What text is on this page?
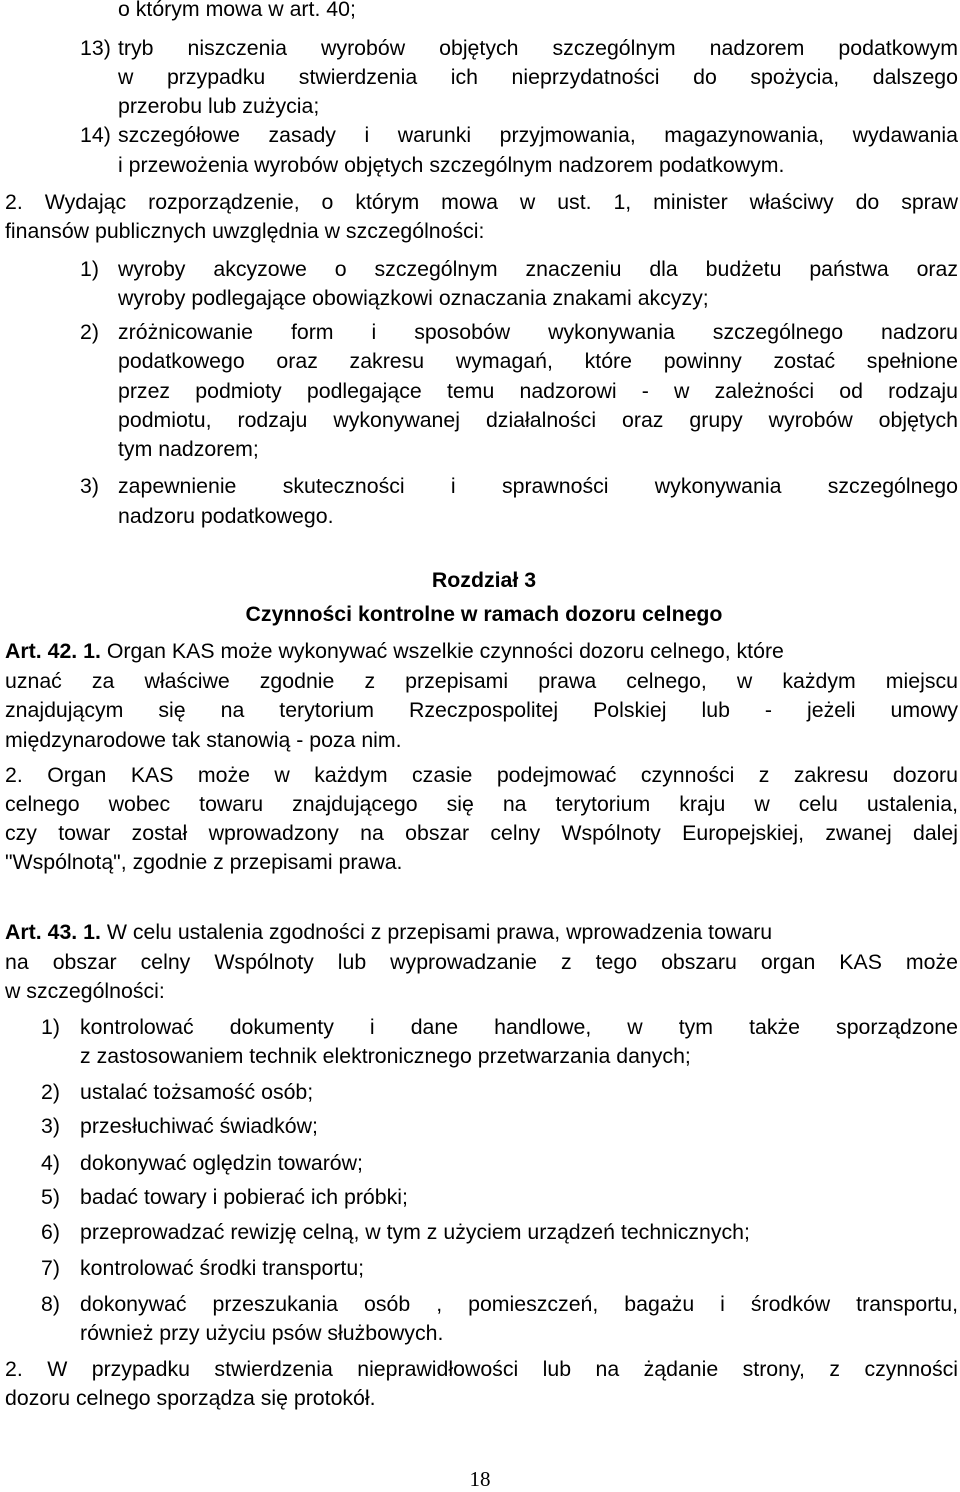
o którym mowa w art. 40;
13) tryb niszczenia wyrobów objętych szczególnym nadzorem podatkowym
w przypadku stwierdzenia ich nieprzydatności do spożycia, dalszego
przerobu lub zużycia;
14) szczegółowe zasady i warunki przyjmowania, magazynowania, wydawania
i przewożenia wyrobów objętych szczególnym nadzorem podatkowym.
2. Wydając rozporządzenie, o którym mowa w ust. 1, minister właściwy do spraw
finansów publicznych uwzględnia w szczególności:
1) wyroby akcyzowe o szczególnym znaczeniu dla budżetu państwa oraz
wyroby podlegające obowiązkowi oznaczania znakami akcyzy;
2) zróżnicowanie form i sposobów wykonywania szczególnego nadzoru
podatkowego oraz zakresu wymagań, które powinny zostać spełnione
przez podmioty podlegające temu nadzorowi - w zależności od rodzaju
podmiotu, rodzaju wykonywanej działalności oraz grupy wyrobów objętych
tym nadzorem;
3) zapewnienie skuteczności i sprawności wykonywania szczególnego
nadzoru podatkowego.
Rozdział 3
Czynności kontrolne w ramach dozoru celnego
Art. 42. 1. Organ KAS może wykonywać wszelkie czynności dozoru celnego, które
uznać za właściwe zgodnie z przepisami prawa celnego, w każdym miejscu
znajdującym się na terytorium Rzeczpospolitej Polskiej lub - jeżeli umowy
międzynarodowe tak stanowią - poza nim.
2. Organ KAS może w każdym czasie podejmować czynności z zakresu dozoru
celnego wobec towaru znajdującego się na terytorium kraju w celu ustalenia,
czy towar został wprowadzony na obszar celny Wspólnoty Europejskiej, zwanej dalej
"Wspólnotą", zgodnie z przepisami prawa.
Art. 43. 1. W celu ustalenia zgodności z przepisami prawa, wprowadzenia towaru
na obszar celny Wspólnoty lub wyprowadzanie z tego obszaru organ KAS może
w szczególności:
1) kontrolować dokumenty i dane handlowe, w tym także sporządzone
z zastosowaniem technik elektronicznego przetwarzania danych;
2) ustalać tożsamość osób;
3) przesłuchiwać świadków;
4) dokonywać oględzin towarów;
5) badać towary i pobierać ich próbki;
6) przeprowadzać rewizję celną, w tym z użyciem urządzeń technicznych;
7) kontrolować środki transportu;
8) dokonywać przeszukania osób , pomieszczeń, bagażu i środków transportu,
również przy użyciu psów służbowych.
2. W przypadku stwierdzenia nieprawidłowości lub na żądanie strony, z czynności
dozoru celnego sporządza się protokół.
18
